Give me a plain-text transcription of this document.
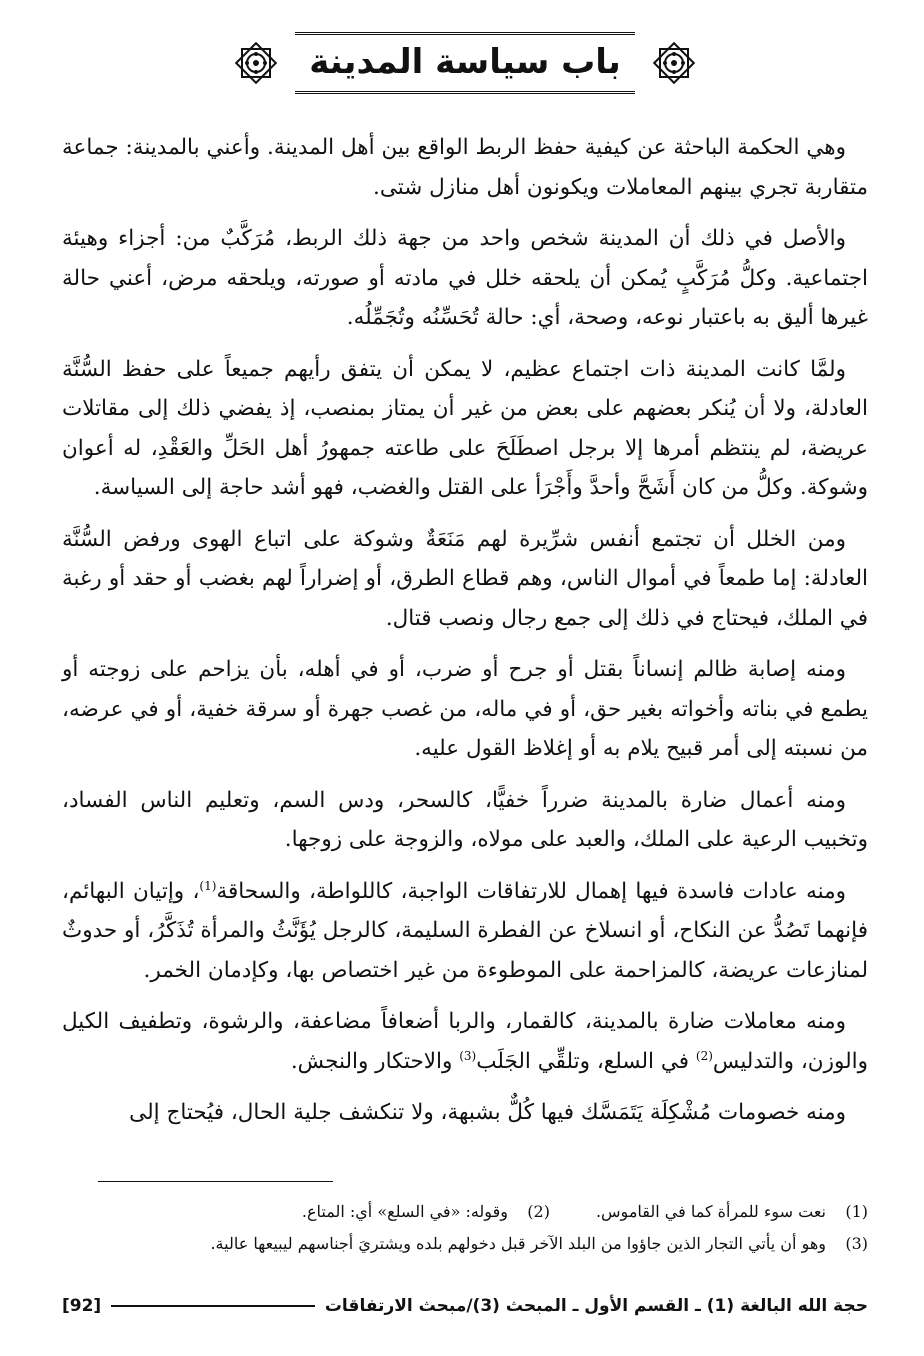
باب سياسة المدينة

وهي الحكمة الباحثة عن كيفية حفظ الربط الواقع بين أهل المدينة. وأعني بالمدينة: جماعة متقاربة تجري بينهم المعاملات ويكونون أهل منازل شتى.

والأصل في ذلك أن المدينة شخص واحد من جهة ذلك الربط، مُرَكَّبٌ من: أجزاء وهيئة اجتماعية. وكلُّ مُرَكَّبٍ يُمكن أن يلحقه خلل في مادته أو صورته، ويلحقه مرض، أعني حالة غيرها أليق به باعتبار نوعه، وصحة، أي: حالة تُحَسِّنُه وتُجَمِّلُه.

ولمَّا كانت المدينة ذات اجتماع عظيم، لا يمكن أن يتفق رأيهم جميعاً على حفظ السُّنَّة العادلة، ولا أن يُنكر بعضهم على بعض من غير أن يمتاز بمنصب، إذ يفضي ذلك إلى مقاتلات عريضة، لم ينتظم أمرها إلا برجل اصطَلَحَ على طاعته جمهورُ أهل الحَلِّ والعَقْدِ، له أعوان وشوكة. وكلُّ من كان أَشَحَّ وأحدَّ وأَجْرَأ على القتل والغضب، فهو أشد حاجة إلى السياسة.

ومن الخلل أن تجتمع أنفس شرِّيرة لهم مَنَعَةٌ وشوكة على اتباع الهوى ورفض السُّنَّة العادلة: إما طمعاً في أموال الناس، وهم قطاع الطرق، أو إضراراً لهم بغضب أو حقد أو رغبة في الملك، فيحتاج في ذلك إلى جمع رجال ونصب قتال.

ومنه إصابة ظالم إنساناً بقتل أو جرح أو ضرب، أو في أهله، بأن يزاحم على زوجته أو يطمع في بناته وأخواته بغير حق، أو في ماله، من غصب جهرة أو سرقة خفية، أو في عرضه، من نسبته إلى أمر قبيح يلام به أو إغلاظ القول عليه.

ومنه أعمال ضارة بالمدينة ضرراً خفيًّا، كالسحر، ودس السم، وتعليم الناس الفساد، وتخبيب الرعية على الملك، والعبد على مولاه، والزوجة على زوجها.

ومنه عادات فاسدة فيها إهمال للارتفاقات الواجبة، كاللواطة، والسحاقة$^{(1)}$، وإتيان البهائم، فإنهما تَصُدُّ عن النكاح، أو انسلاخ عن الفطرة السليمة، كالرجل يُؤَنَّثُ والمرأة تُذَكَّرُ، أو حدوثٌ لمنازعات عريضة، كالمزاحمة على الموطوءة من غير اختصاص بها، وكإدمان الخمر.

ومنه معاملات ضارة بالمدينة، كالقمار، والربا أضعافاً مضاعفة، والرشوة، وتطفيف الكيل والوزن، والتدليس$^{(2)}$ في السلع، وتلقِّي الجَلَب$^{(3)}$ والاحتكار والنجش.

ومنه خصومات مُشْكِلَة يَتَمَسَّك فيها كُلٌّ بشبهة، ولا تنكشف جلية الحال، فيُحتاج إلى

(1)
نعت سوء للمرأة كما في القاموس.
(2)
وقوله: «في السلع» أي: المتاع.
(3)
وهو أن يأتي التجار الذين جاؤوا من البلد الآخر قبل دخولهم بلده ويشتريَ أجناسهم ليبيعها عالية.
حجة الله البالغة (1) ـ القسم الأول ـ المبحث (3)/مبحث الارتفاقات
[92]
